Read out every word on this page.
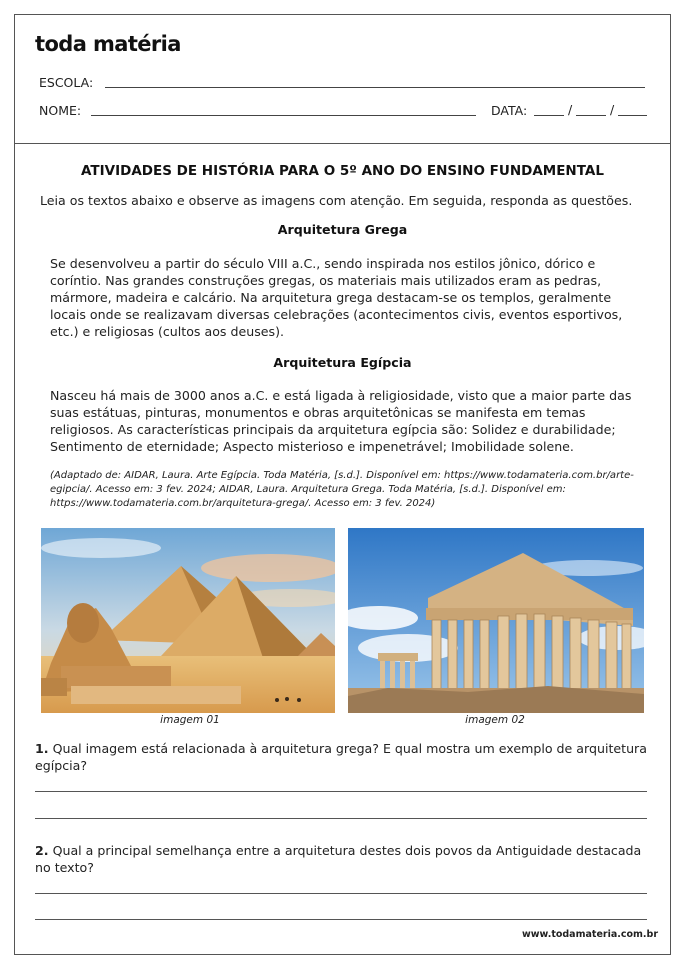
toda matéria
ESCOLA:
NOME:	DATA:	/	/
ATIVIDADES DE HISTÓRIA PARA O 5º ANO DO ENSINO FUNDAMENTAL
Leia os textos abaixo e observe as imagens com atenção. Em seguida, responda as questões.
Arquitetura Grega
Se desenvolveu a partir do século VIII a.C., sendo inspirada nos estilos jônico, dórico e coríntio. Nas grandes construções gregas, os materiais mais utilizados eram as pedras, mármore, madeira e calcário. Na arquitetura grega destacam-se os templos, geralmente locais onde se realizavam diversas celebrações (acontecimentos civis, eventos esportivos, etc.) e religiosas (cultos aos deuses).
Arquitetura Egípcia
Nasceu há mais de 3000 anos a.C. e está ligada à religiosidade, visto que a maior parte das suas estátuas, pinturas, monumentos e obras arquitetônicas se manifesta em temas religiosos. As características principais da arquitetura egípcia são: Solidez e durabilidade; Sentimento de eternidade; Aspecto misterioso e impenetrável; Imobilidade solene.
(Adaptado de: AIDAR, Laura. Arte Egípcia. Toda Matéria, [s.d.]. Disponível em: https://www.todamateria.com.br/arte-egipcia/. Acesso em: 3 fev. 2024; AIDAR, Laura. Arquitetura Grega. Toda Matéria, [s.d.]. Disponível em: https://www.todamateria.com.br/arquitetura-grega/. Acesso em: 3 fev. 2024)
imagem 01	imagem 02
1. Qual imagem está relacionada à arquitetura grega? E qual mostra um exemplo de arquitetura egípcia?
2. Qual a principal semelhança entre a arquitetura destes dois povos da Antiguidade destacada no texto?
www.todamateria.com.br
